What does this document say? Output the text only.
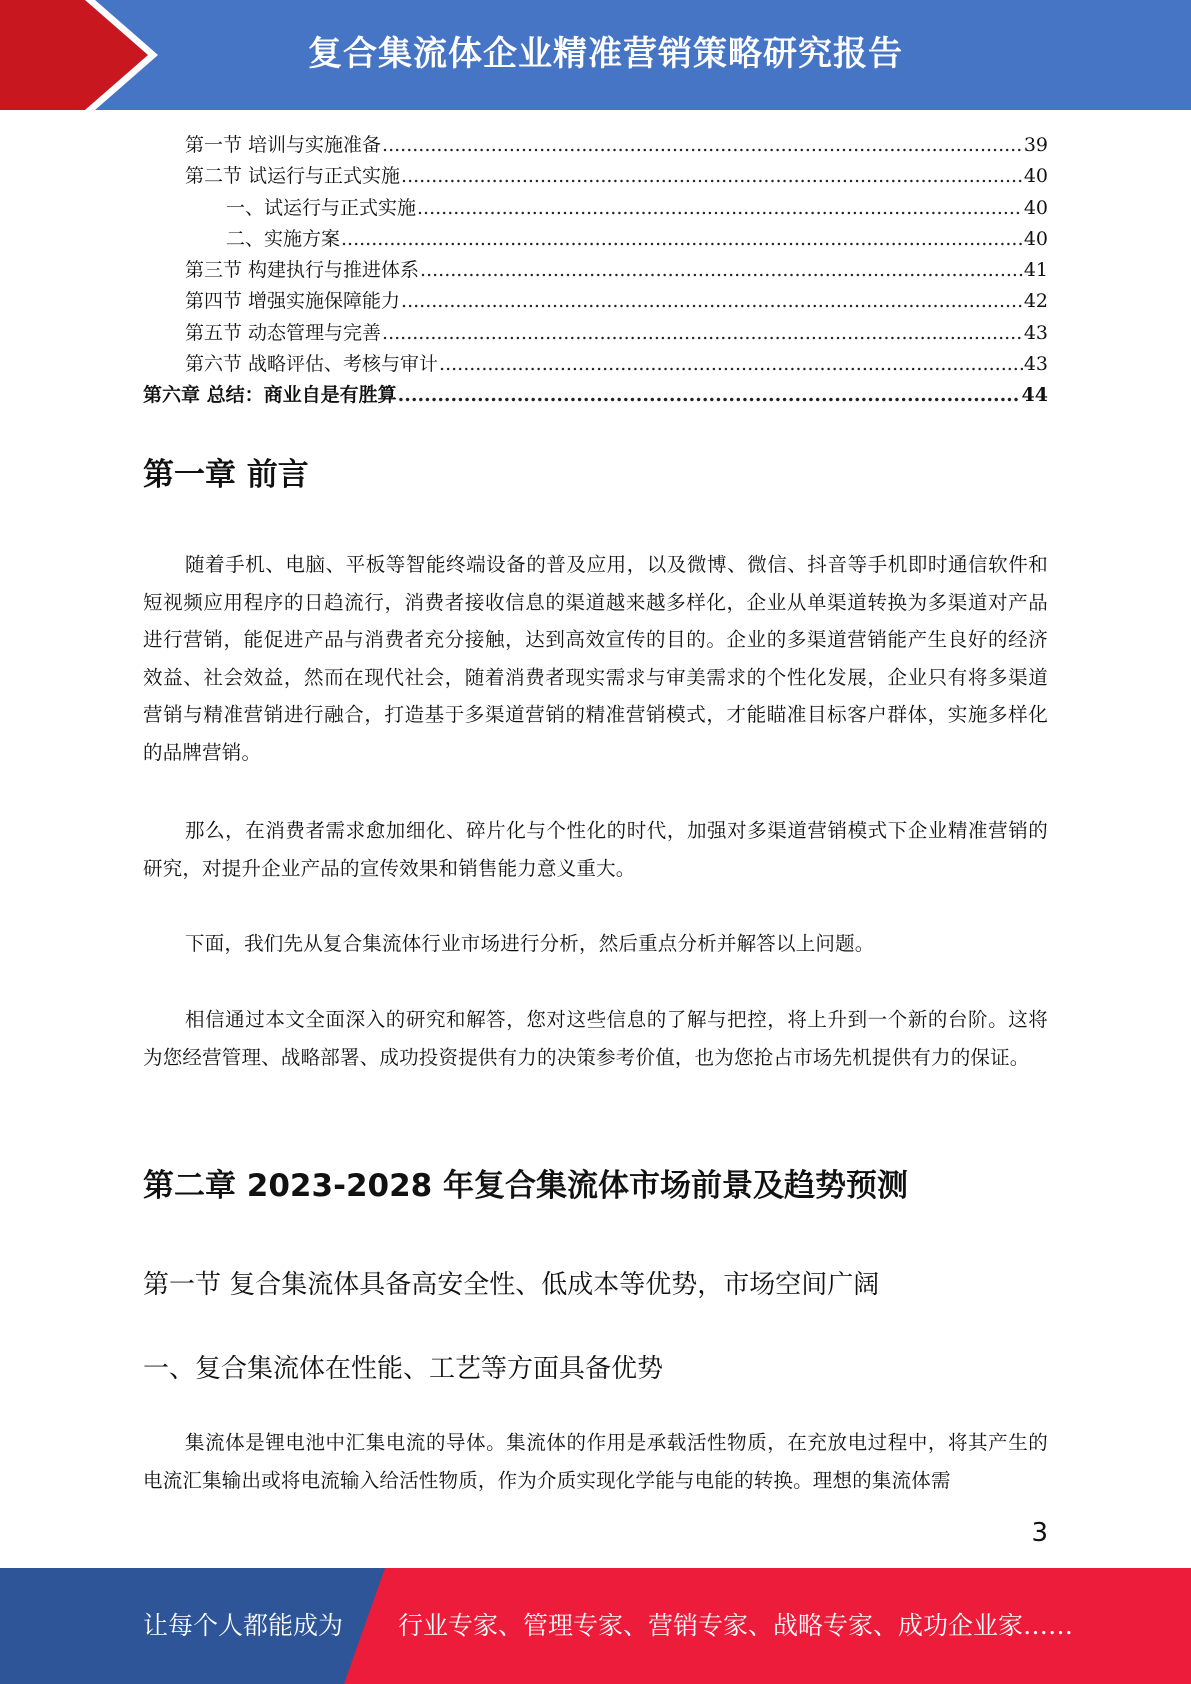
复合集流体企业精准营销策略研究报告
第一节 培训与实施准备 .....	39
第二节 试运行与正式实施 .....	40
一、试运行与正式实施 .....	40
二、实施方案 .....	40
第三节 构建执行与推进体系 .....	41
第四节 增强实施保障能力 .....	42
第五节 动态管理与完善 .....	43
第六节 战略评估、考核与审计 .....	43
第六章 总结：商业自是有胜算 .....	44
第一章 前言

随着手机、电脑、平板等智能终端设备的普及应用，以及微博、微信、抖音等手机即时通信软件和短视频应用程序的日趋流行，消费者接收信息的渠道越来越多样化，企业从单渠道转换为多渠道对产品进行营销，能促进产品与消费者充分接触，达到高效宣传的目的。企业的多渠道营销能产生良好的经济效益、社会效益，然而在现代社会，随着消费者现实需求与审美需求的个性化发展，企业只有将多渠道营销与精准营销进行融合，打造基于多渠道营销的精准营销模式，才能瞄准目标客户群体，实施多样化的品牌营销。

那么，在消费者需求愈加细化、碎片化与个性化的时代，加强对多渠道营销模式下企业精准营销的研究，对提升企业产品的宣传效果和销售能力意义重大。

下面，我们先从复合集流体行业市场进行分析，然后重点分析并解答以上问题。

相信通过本文全面深入的研究和解答，您对这些信息的了解与把控，将上升到一个新的台阶。这将为您经营管理、战略部署、成功投资提供有力的决策参考价值，也为您抢占市场先机提供有力的保证。

第二章 2023-2028 年复合集流体市场前景及趋势预测
第一节 复合集流体具备高安全性、低成本等优势，市场空间广阔
一、复合集流体在性能、工艺等方面具备优势

集流体是锂电池中汇集电流的导体。集流体的作用是承载活性物质，在充放电过程中，将其产生的电流汇集输出或将电流输入给活性物质，作为介质实现化学能与电能的转换。理想的集流体需

3
让每个人都能成为 行业专家、管理专家、营销专家、战略专家、成功企业家……
